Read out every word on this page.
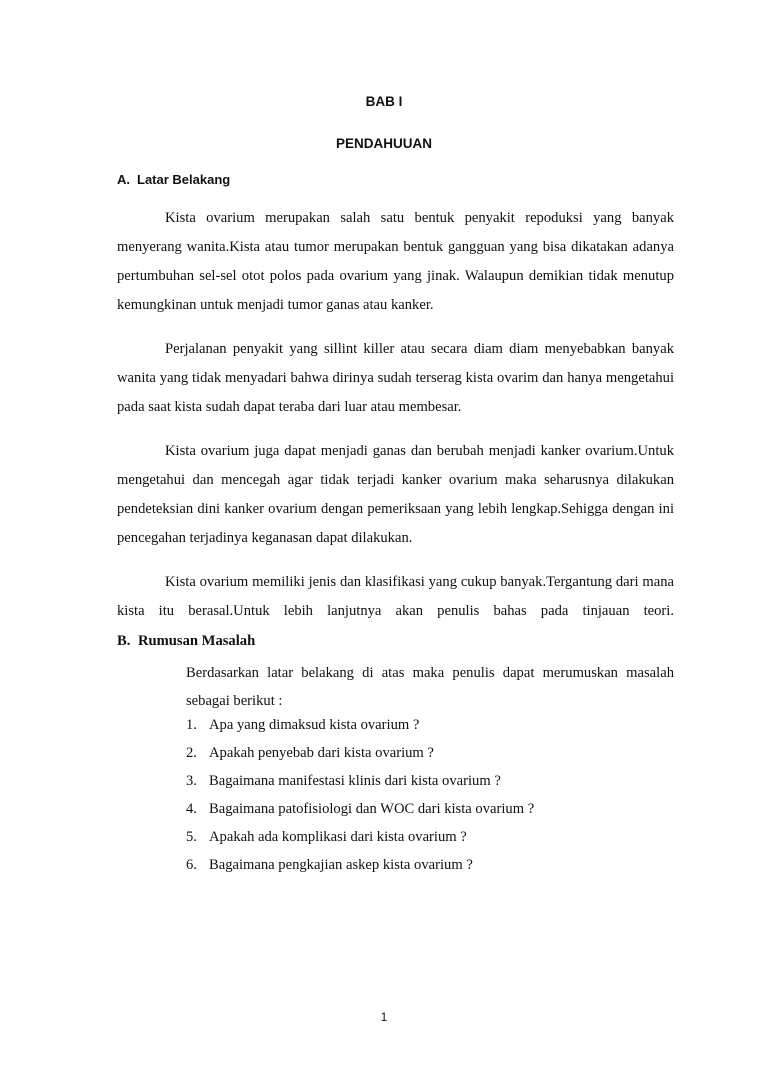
BAB I
PENDAHUUAN
A. Latar Belakang

Kista ovarium merupakan salah satu bentuk penyakit repoduksi yang banyak menyerang wanita.Kista atau tumor merupakan bentuk gangguan yang bisa dikatakan adanya pertumbuhan sel-sel otot polos pada ovarium yang jinak. Walaupun demikian tidak menutup kemungkinan untuk menjadi tumor ganas atau kanker.

Perjalanan penyakit yang sillint killer atau secara diam diam menyebabkan banyak wanita yang tidak menyadari bahwa dirinya sudah terserag kista ovarim dan hanya mengetahui pada saat kista sudah dapat teraba dari luar atau membesar.

Kista ovarium juga dapat menjadi ganas dan berubah menjadi kanker ovarium.Untuk mengetahui dan mencegah agar tidak terjadi kanker ovarium maka seharusnya dilakukan pendeteksian dini kanker ovarium dengan pemeriksaan yang lebih lengkap.Sehigga dengan ini pencegahan terjadinya keganasan dapat dilakukan.

Kista ovarium memiliki jenis dan klasifikasi yang cukup banyak.Tergantung dari mana kista itu berasal.Untuk lebih lanjutnya akan penulis bahas pada tinjauan teori.

B. Rumusan Masalah
Berdasarkan latar belakang di atas maka penulis dapat merumuskan masalah sebagai berikut :
1. Apa yang dimaksud kista ovarium ?
2. Apakah penyebab dari kista ovarium ?
3. Bagaimana manifestasi klinis dari kista ovarium ?
4. Bagaimana patofisiologi dan WOC dari kista ovarium ?
5. Apakah ada komplikasi dari kista ovarium ?
6. Bagaimana pengkajian askep kista ovarium ?
1
